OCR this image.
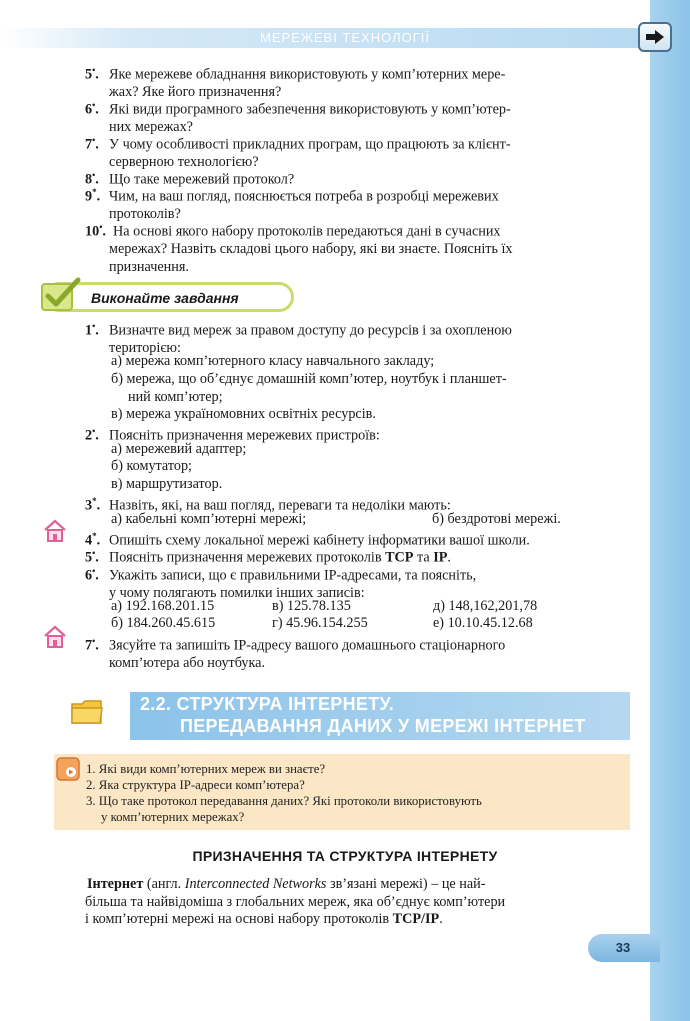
МЕРЕЖЕВІ ТЕХНОЛОГІЇ
5•. Яке мережеве обладнання використовують у комп’ютерних мере-
жах? Яке його призначення?
6•. Які види програмного забезпечення використовують у комп’ютер-
них мережах?
7•. У чому особливості прикладних програм, що працюють за клієнт-
серверною технологією?
8•. Що таке мережевий протокол?
9*. Чим, на ваш погляд, пояснюється потреба в розробці мережевих
протоколів?
10•. На основі якого набору протоколів передаються дані в сучасних
мережах? Назвіть складові цього набору, які ви знаєте. Поясніть їх
призначення.
Виконайте завдання
1•. Визначте вид мереж за правом доступу до ресурсів і за охопленою
територією:
а) мережа комп’ютерного класу навчального закладу;
б) мережа, що об’єднує домашній комп’ютер, ноутбук і планшет-
ний комп’ютер;
в) мережа україномовних освітніх ресурсів.
2•. Поясніть призначення мережевих пристроїв:
а) мережевий адаптер;
б) комутатор;
в) маршрутизатор.
3*. Назвіть, які, на ваш погляд, переваги та недоліки мають:
а) кабельні комп’ютерні мережі;	б) бездротові мережі.
4*. Опишіть схему локальної мережі кабінету інформатики вашої школи.
5•. Поясніть призначення мережевих протоколів TCP та IP.
6•. Укажіть записи, що є правильними IP-адресами, та поясніть,
у чому полягають помилки інших записів:
а) 192.168.201.15	в) 125.78.135	д) 148,162,201,78
б) 184.260.45.615	г) 45.96.154.255	е) 10.10.45.12.68
7•. Зясуйте та запишіть IP-адресу вашого домашнього стаціонарного
комп’ютера або ноутбука.
2.2. СТРУКТУРА ІНТЕРНЕТУ.
ПЕРЕДАВАННЯ ДАНИХ У МЕРЕЖІ ІНТЕРНЕТ
1. Які види комп’ютерних мереж ви знаєте?
2. Яка структура IP-адреси комп’ютера?
3. Що таке протокол передавання даних? Які протоколи використовують
у комп’ютерних мережах?
ПРИЗНАЧЕННЯ ТА СТРУКТУРА ІНТЕРНЕТУ
Інтернет (англ. Interconnected Networks зв’язані мережі) – це най-
більша та найвідоміша з глобальних мереж, яка об’єднує комп’ютери
і комп’ютерні мережі на основі набору протоколів TCP/IP.
33
